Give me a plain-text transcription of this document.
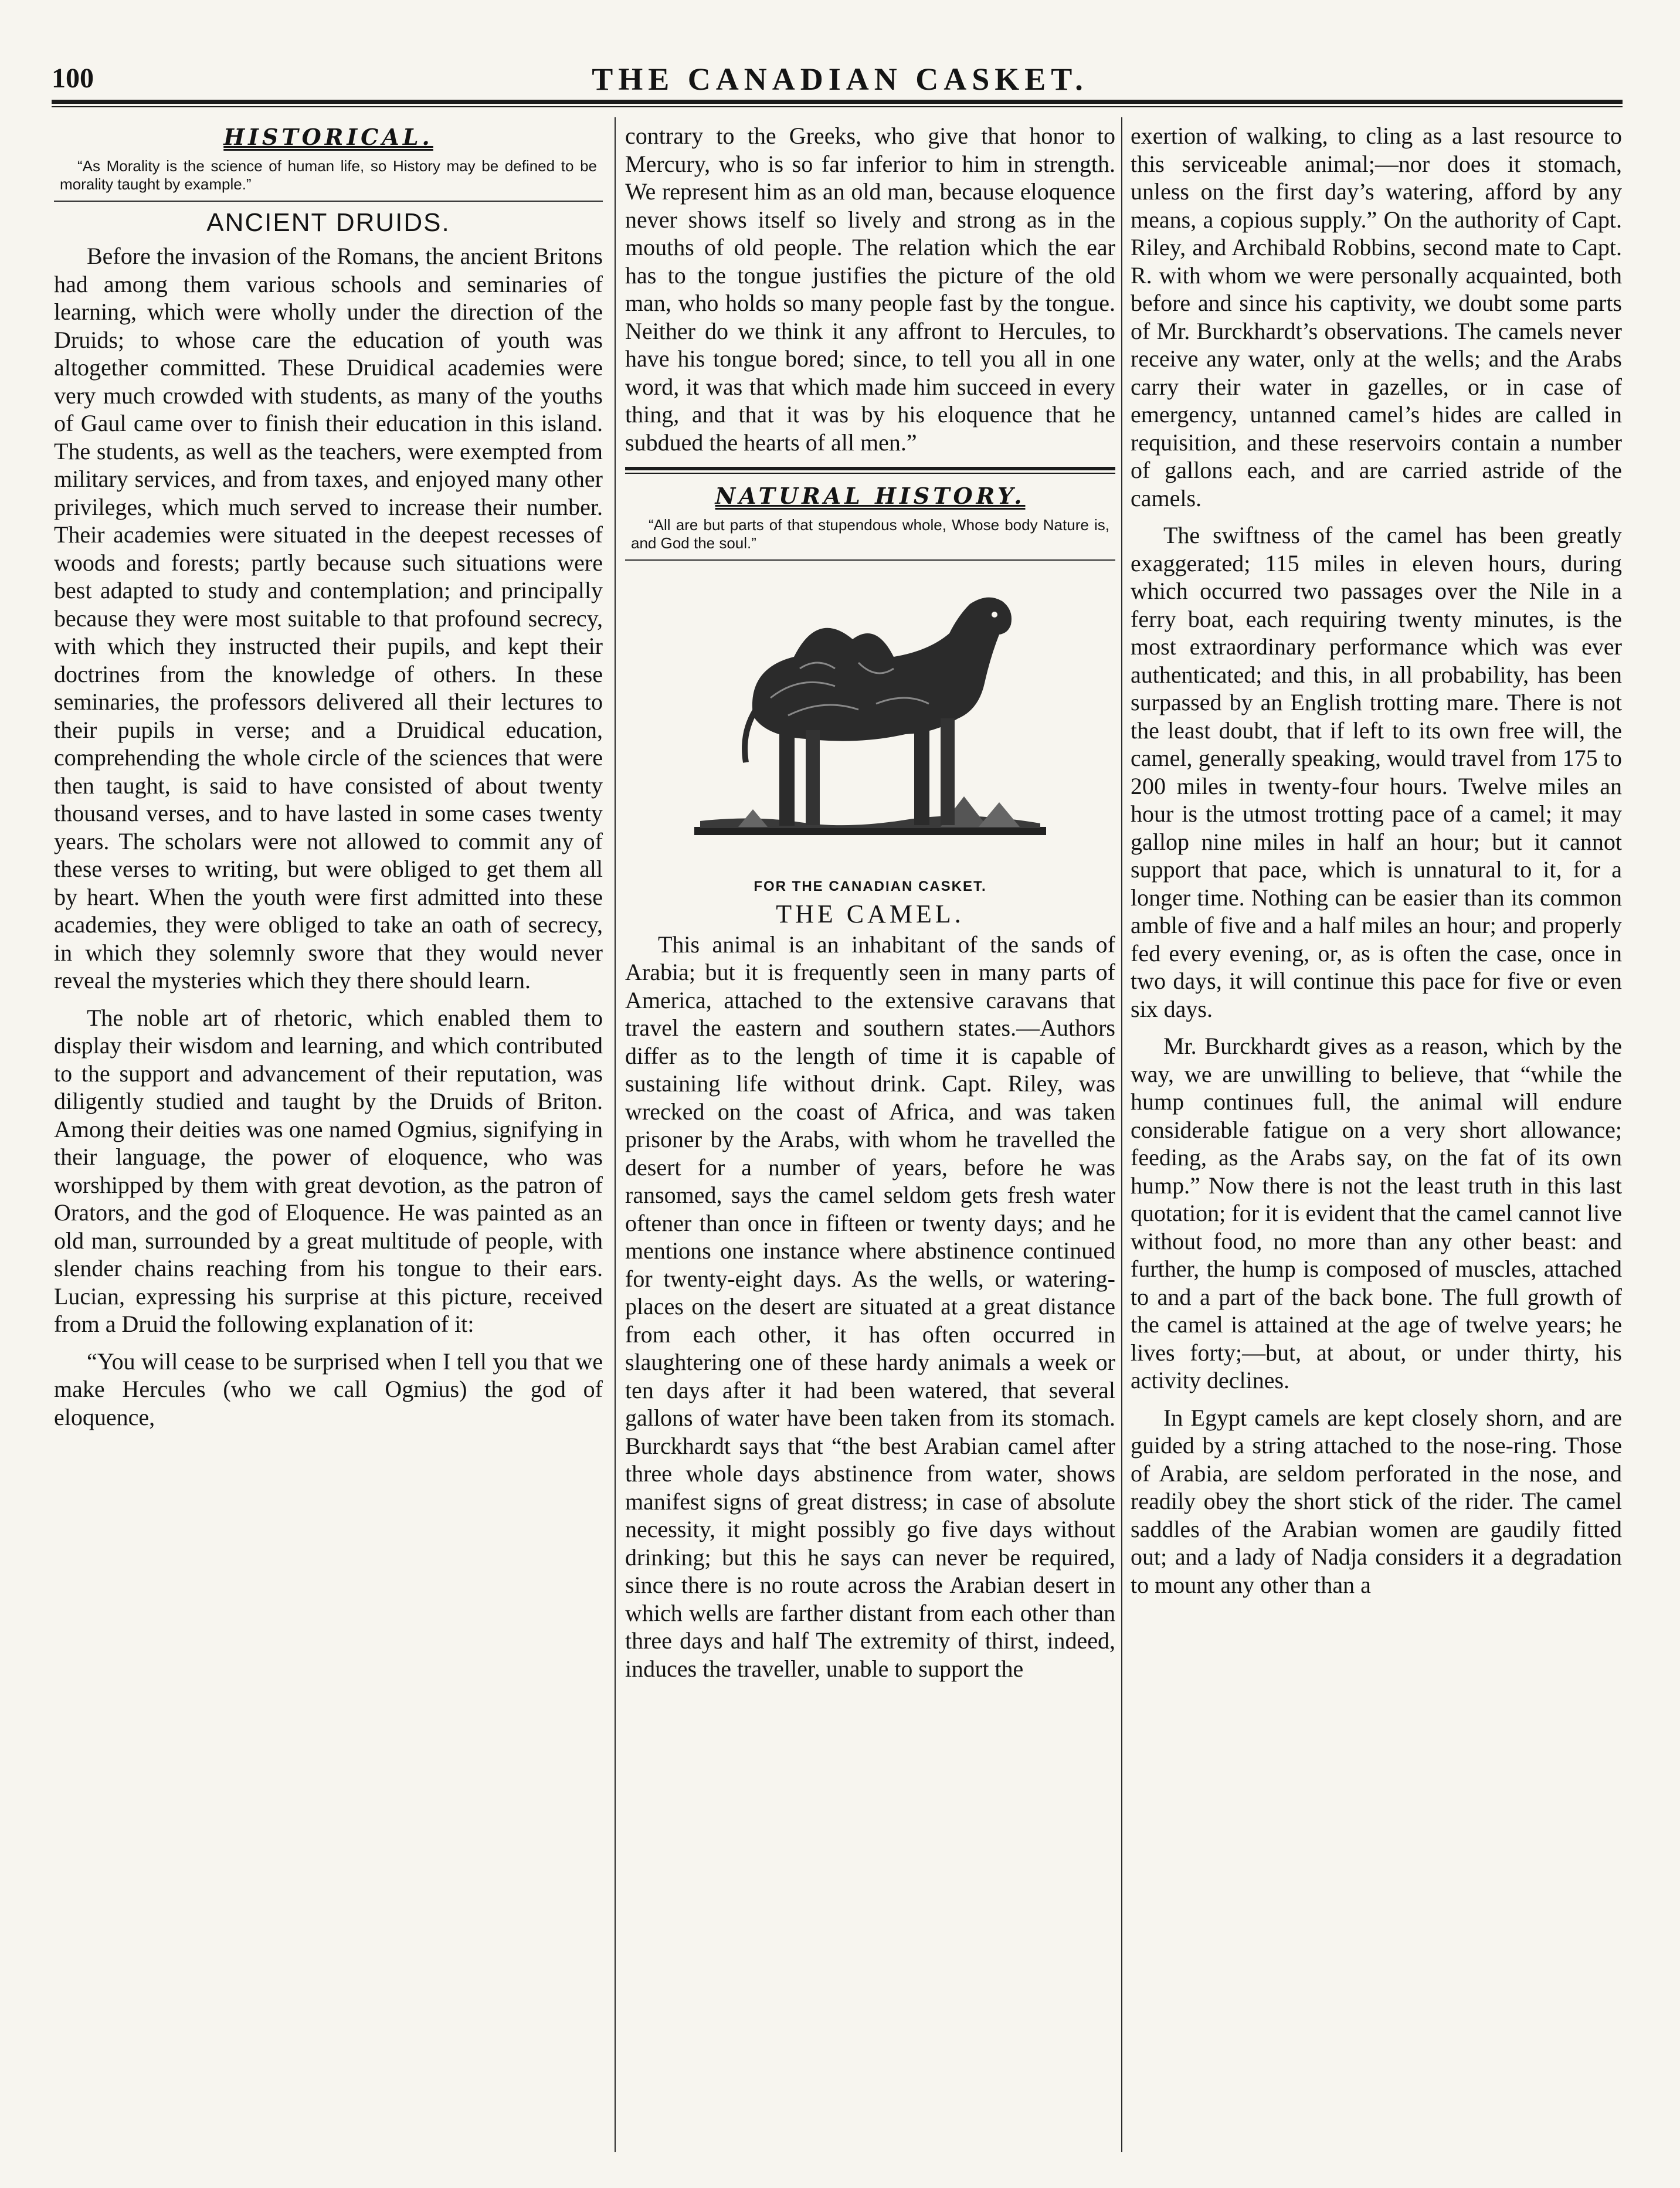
100	THE CANADIAN CASKET.
HISTORICAL.
“As Morality is the science of human life, so History may be defined to be morality taught by example.”
ANCIENT DRUIDS.

Before the invasion of the Romans, the ancient Britons had among them various schools and seminaries of learning, which were wholly under the direction of the Druids; to whose care the education of youth was altogether committed. These Druidical academies were very much crowded with students, as many of the youths of Gaul came over to finish their education in this island. The students, as well as the teachers, were exempted from military services, and from taxes, and enjoyed many other privileges, which much served to increase their number. Their academies were situated in the deepest recesses of woods and forests; partly because such situations were best adapted to study and contemplation; and principally because they were most suitable to that profound secrecy, with which they instructed their pupils, and kept their doctrines from the knowledge of others. In these seminaries, the professors delivered all their lectures to their pupils in verse; and a Druidical education, comprehending the whole circle of the sciences that were then taught, is said to have consisted of about twenty thousand verses, and to have lasted in some cases twenty years. The scholars were not allowed to commit any of these verses to writing, but were obliged to get them all by heart. When the youth were first admitted into these academies, they were obliged to take an oath of secrecy, in which they solemnly swore that they would never reveal the mysteries which they there should learn.

The noble art of rhetoric, which enabled them to display their wisdom and learning, and which contributed to the support and advancement of their reputation, was diligently studied and taught by the Druids of Briton. Among their deities was one named Ogmius, signifying in their language, the power of eloquence, who was worshipped by them with great devotion, as the patron of Orators, and the god of Eloquence. He was painted as an old man, surrounded by a great multitude of people, with slender chains reaching from his tongue to their ears. Lucian, expressing his surprise at this picture, received from a Druid the following explanation of it:

“You will cease to be surprised when I tell you that we make Hercules (who we call Ogmius) the god of eloquence,

contrary to the Greeks, who give that honor to Mercury, who is so far inferior to him in strength. We represent him as an old man, because eloquence never shows itself so lively and strong as in the mouths of old people. The relation which the ear has to the tongue justifies the picture of the old man, who holds so many people fast by the tongue. Neither do we think it any affront to Hercules, to have his tongue bored; since, to tell you all in one word, it was that which made him succeed in every thing, and that it was by his eloquence that he subdued the hearts of all men.”

NATURAL HISTORY.
“All are but parts of that stupendous whole, Whose body Nature is, and God the soul.”
FOR THE CANADIAN CASKET.
THE CAMEL.

This animal is an inhabitant of the sands of Arabia; but it is frequently seen in many parts of America, attached to the extensive caravans that travel the eastern and southern states.—Authors differ as to the length of time it is capable of sustaining life without drink. Capt. Riley, was wrecked on the coast of Africa, and was taken prisoner by the Arabs, with whom he travelled the desert for a number of years, before he was ransomed, says the camel seldom gets fresh water oftener than once in fifteen or twenty days; and he mentions one instance where abstinence continued for twenty-eight days. As the wells, or watering-places on the desert are situated at a great distance from each other, it has often occurred in slaughtering one of these hardy animals a week or ten days after it had been watered, that several gallons of water have been taken from its stomach. Burckhardt says that “the best Arabian camel after three whole days abstinence from water, shows manifest signs of great distress; in case of absolute necessity, it might possibly go five days without drinking; but this he says can never be required, since there is no route across the Arabian desert in which wells are farther distant from each other than three days and half The extremity of thirst, indeed, induces the traveller, unable to support the

exertion of walking, to cling as a last resource to this serviceable animal;—nor does it stomach, unless on the first day’s watering, afford by any means, a copious supply.” On the authority of Capt. Riley, and Archibald Robbins, second mate to Capt. R. with whom we were personally acquainted, both before and since his captivity, we doubt some parts of Mr. Burckhardt’s observations. The camels never receive any water, only at the wells; and the Arabs carry their water in gazelles, or in case of emergency, untanned camel’s hides are called in requisition, and these reservoirs contain a number of gallons each, and are carried astride of the camels.

The swiftness of the camel has been greatly exaggerated; 115 miles in eleven hours, during which occurred two passages over the Nile in a ferry boat, each requiring twenty minutes, is the most extraordinary performance which was ever authenticated; and this, in all probability, has been surpassed by an English trotting mare. There is not the least doubt, that if left to its own free will, the camel, generally speaking, would travel from 175 to 200 miles in twenty-four hours. Twelve miles an hour is the utmost trotting pace of a camel; it may gallop nine miles in half an hour; but it cannot support that pace, which is unnatural to it, for a longer time. Nothing can be easier than its common amble of five and a half miles an hour; and properly fed every evening, or, as is often the case, once in two days, it will continue this pace for five or even six days.

Mr. Burckhardt gives as a reason, which by the way, we are unwilling to believe, that “while the hump continues full, the animal will endure considerable fatigue on a very short allowance; feeding, as the Arabs say, on the fat of its own hump.” Now there is not the least truth in this last quotation; for it is evident that the camel cannot live without food, no more than any other beast: and further, the hump is composed of muscles, attached to and a part of the back bone. The full growth of the camel is attained at the age of twelve years; he lives forty;—but, at about, or under thirty, his activity declines.

In Egypt camels are kept closely shorn, and are guided by a string attached to the nose-ring. Those of Arabia, are seldom perforated in the nose, and readily obey the short stick of the rider. The camel saddles of the Arabian women are gaudily fitted out; and a lady of Nadja considers it a degradation to mount any other than a
